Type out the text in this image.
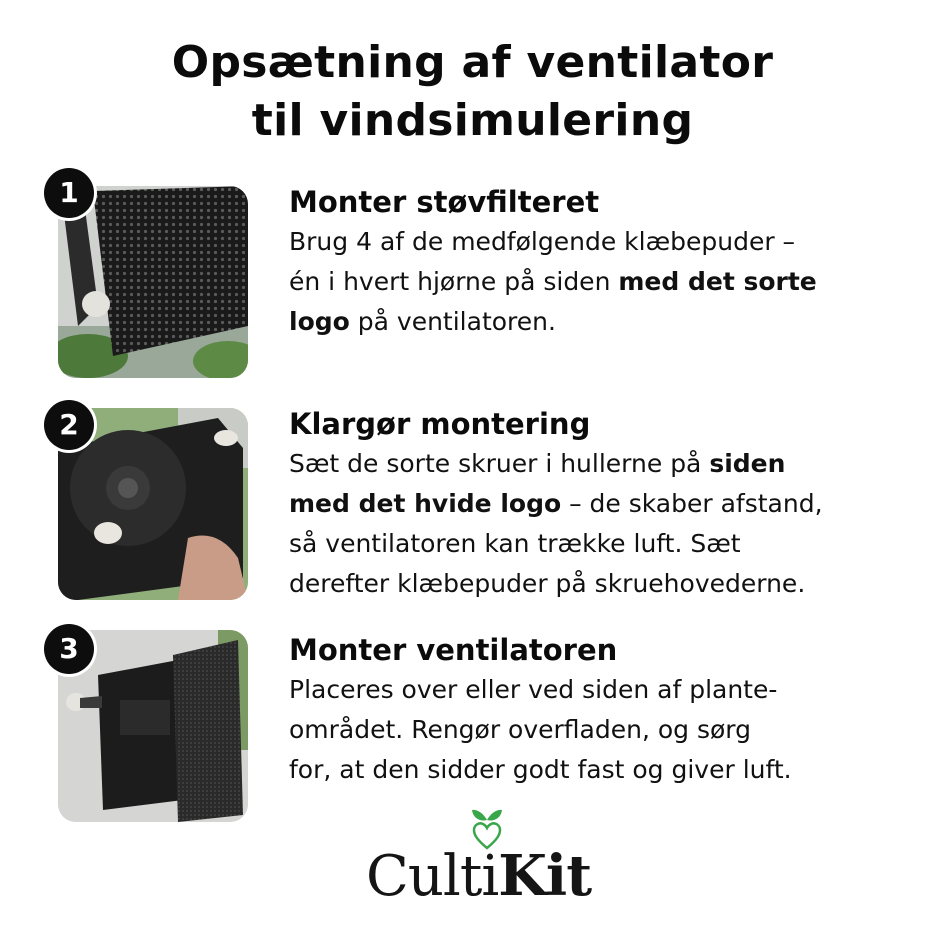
Opsætning af ventilator
til vindsimulering
1	Monter støvfilteret
Brug 4 af de medfølgende klæbepuder –
én i hvert hjørne på siden med det sorte
logo på ventilatoren.
2	Klargør montering
Sæt de sorte skruer i hullerne på siden
med det hvide logo – de skaber afstand,
så ventilatoren kan trække luft. Sæt
derefter klæbepuder på skruehovederne.
3	Monter ventilatoren
Placeres over eller ved siden af plante-
området. Rengør overfladen, og sørg
for, at den sidder godt fast og giver luft.
CultiKit
